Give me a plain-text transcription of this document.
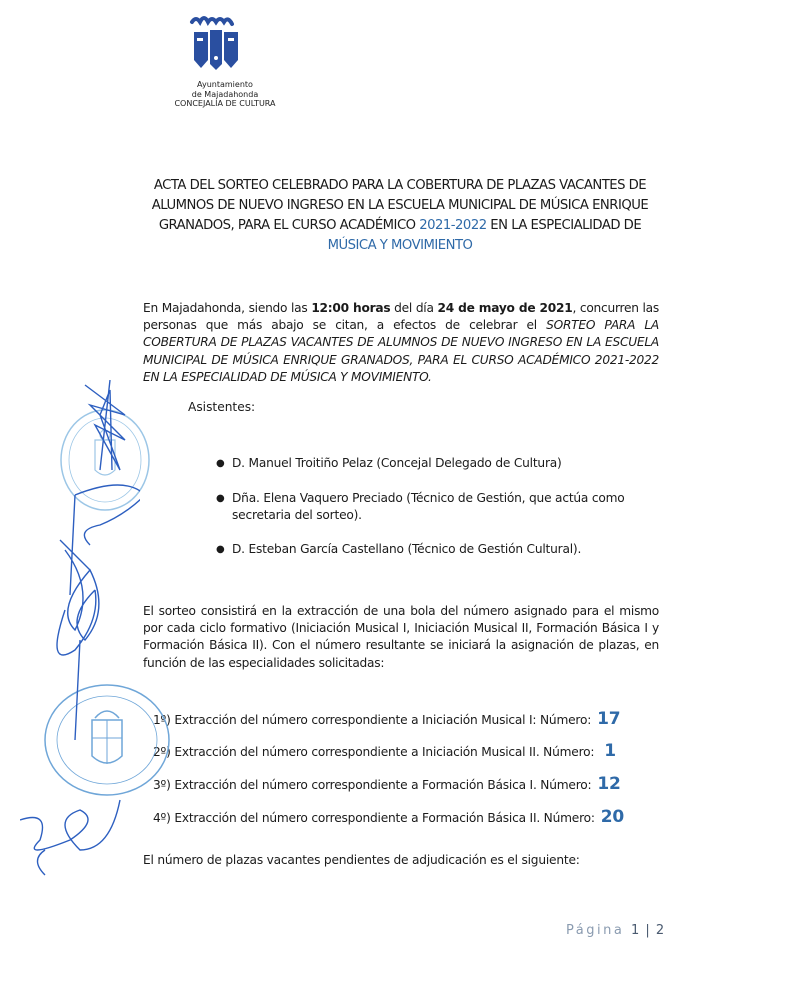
Ayuntamiento
de Majadahonda
CONCEJALÍA DE CULTURA
ACTA DEL SORTEO CELEBRADO PARA LA COBERTURA DE PLAZAS VACANTES DE ALUMNOS DE NUEVO INGRESO EN LA ESCUELA MUNICIPAL DE MÚSICA ENRIQUE GRANADOS, PARA EL CURSO ACADÉMICO 2021-2022 EN LA ESPECIALIDAD DE
MÚSICA Y MOVIMIENTO
En Majadahonda, siendo las 12:00 horas del día 24 de mayo de 2021, concurren las personas que más abajo se citan, a efectos de celebrar el SORTEO PARA LA COBERTURA DE PLAZAS VACANTES DE ALUMNOS DE NUEVO INGRESO EN LA ESCUELA MUNICIPAL DE MÚSICA ENRIQUE GRANADOS, PARA EL CURSO ACADÉMICO 2021-2022 EN LA ESPECIALIDAD DE MÚSICA Y MOVIMIENTO.
Asistentes:
● D. Manuel Troitiño Pelaz (Concejal Delegado de Cultura)
● Dña. Elena Vaquero Preciado (Técnico de Gestión, que actúa como secretaria del sorteo).
● D. Esteban García Castellano (Técnico de Gestión Cultural).
El sorteo consistirá en la extracción de una bola del número asignado para el mismo por cada ciclo formativo (Iniciación Musical I, Iniciación Musical II, Formación Básica I y Formación Básica II). Con el número resultante se iniciará la asignación de plazas, en función de las especialidades solicitadas:
1º) Extracción del número correspondiente a Iniciación Musical I: Número: 17
2º) Extracción del número correspondiente a Iniciación Musical II. Número: 1
3º) Extracción del número correspondiente a Formación Básica I. Número: 12
4º) Extracción del número correspondiente a Formación Básica II. Número: 20
El número de plazas vacantes pendientes de adjudicación es el siguiente:
Página 1 | 2
